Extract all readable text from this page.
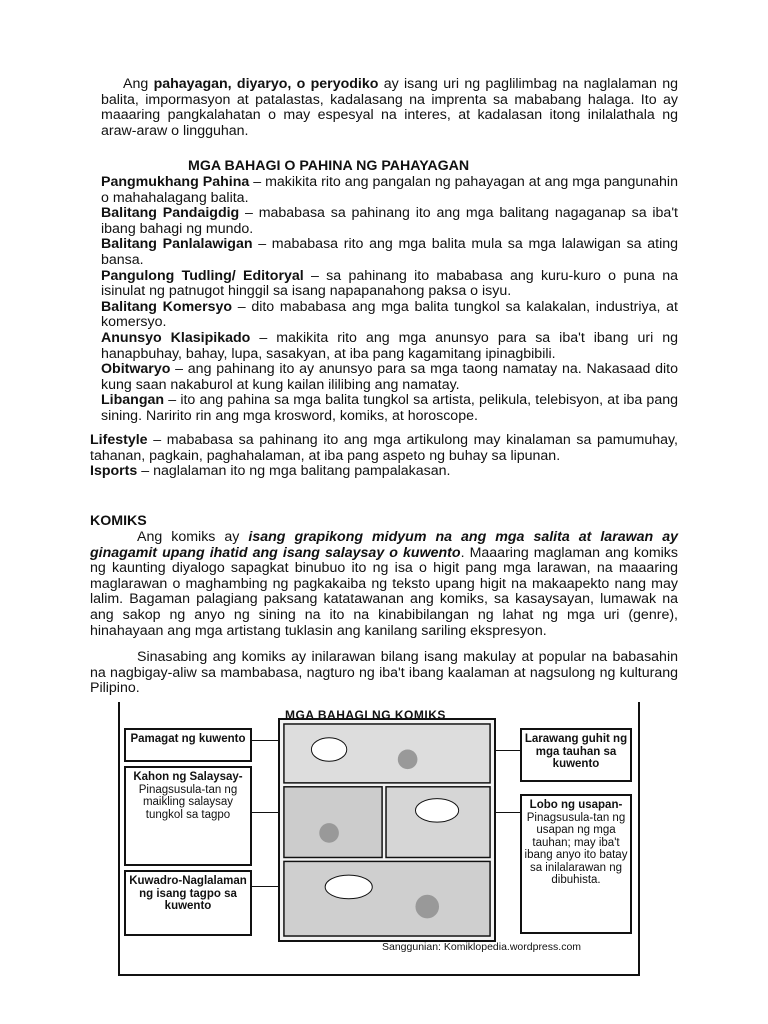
Ang pahayagan, diyaryo, o peryodiko ay isang uri ng paglilimbag na naglalaman ng balita, impormasyon at patalastas, kadalasang na imprenta sa mababang halaga. Ito ay maaaring pangkalahatan o may espesyal na interes, at kadalasan itong inilalathala ng araw-araw o lingguhan.

MGA BAHAGI O PAHINA NG PAHAYAGAN

Pangmukhang Pahina – makikita rito ang pangalan ng pahayagan at ang mga pangunahin o mahahalagang balita.

Balitang Pandaigdig – mababasa sa pahinang ito ang mga balitang nagaganap sa iba't ibang bahagi ng mundo.

Balitang Panlalawigan – mababasa rito ang mga balita mula sa mga lalawigan sa ating bansa.

Pangulong Tudling/ Editoryal – sa pahinang ito mababasa ang kuru-kuro o puna na isinulat ng patnugot hinggil sa isang napapanahong paksa o isyu.

Balitang Komersyo – dito mababasa ang mga balita tungkol sa kalakalan, industriya, at komersyo.

Anunsyo Klasipikado – makikita rito ang mga anunsyo para sa iba't ibang uri ng hanapbuhay, bahay, lupa, sasakyan, at iba pang kagamitang ipinagbibili.

Obitwaryo – ang pahinang ito ay anunsyo para sa mga taong namatay na. Nakasaad dito kung saan nakaburol at kung kailan ililibing ang namatay.

Libangan – ito ang pahina sa mga balita tungkol sa artista, pelikula, telebisyon, at iba pang sining. Naririto rin ang mga krosword, komiks, at horoscope.

Lifestyle – mababasa sa pahinang ito ang mga artikulong may kinalaman sa pamumuhay, tahanan, pagkain, paghahalaman, at iba pang aspeto ng buhay sa lipunan.

Isports – naglalaman ito ng mga balitang pampalakasan.

KOMIKS

Ang komiks ay isang grapikong midyum na ang mga salita at larawan ay ginagamit upang ihatid ang isang salaysay o kuwento. Maaaring maglaman ang komiks ng kaunting diyalogo sapagkat binubuo ito ng isa o higit pang mga larawan, na maaaring maglarawan o maghambing ng pagkakaiba ng teksto upang higit na makaapekto nang may lalim. Bagaman palagiang paksang katatawanan ang komiks, sa kasaysayan, lumawak na ang sakop ng anyo ng sining na ito na kinabibilangan ng lahat ng mga uri (genre), hinahayaan ang mga artistang tuklasin ang kanilang sariling ekspresyon.

Sinasabing ang komiks ay inilarawan bilang isang makulay at popular na babasahin na nagbigay-aliw sa mambabasa, nagturo ng iba't ibang kaalaman at nagsulong ng kulturang Pilipino.

MGA BAHAGI NG KOMIKS
Pamagat ng kuwento
Kahon ng Salaysay-
Pinagsusula-tan ng maikling salaysay tungkol sa tagpo
Kuwadro-Naglalaman ng isang tagpo sa kuwento
Larawang guhit ng mga tauhan sa kuwento
Lobo ng usapan-
Pinagsusula-tan ng usapan ng mga tauhan; may iba't ibang anyo ito batay sa inilalarawan ng dibuhista.
Sanggunian: Komiklopedia.wordpress.com
